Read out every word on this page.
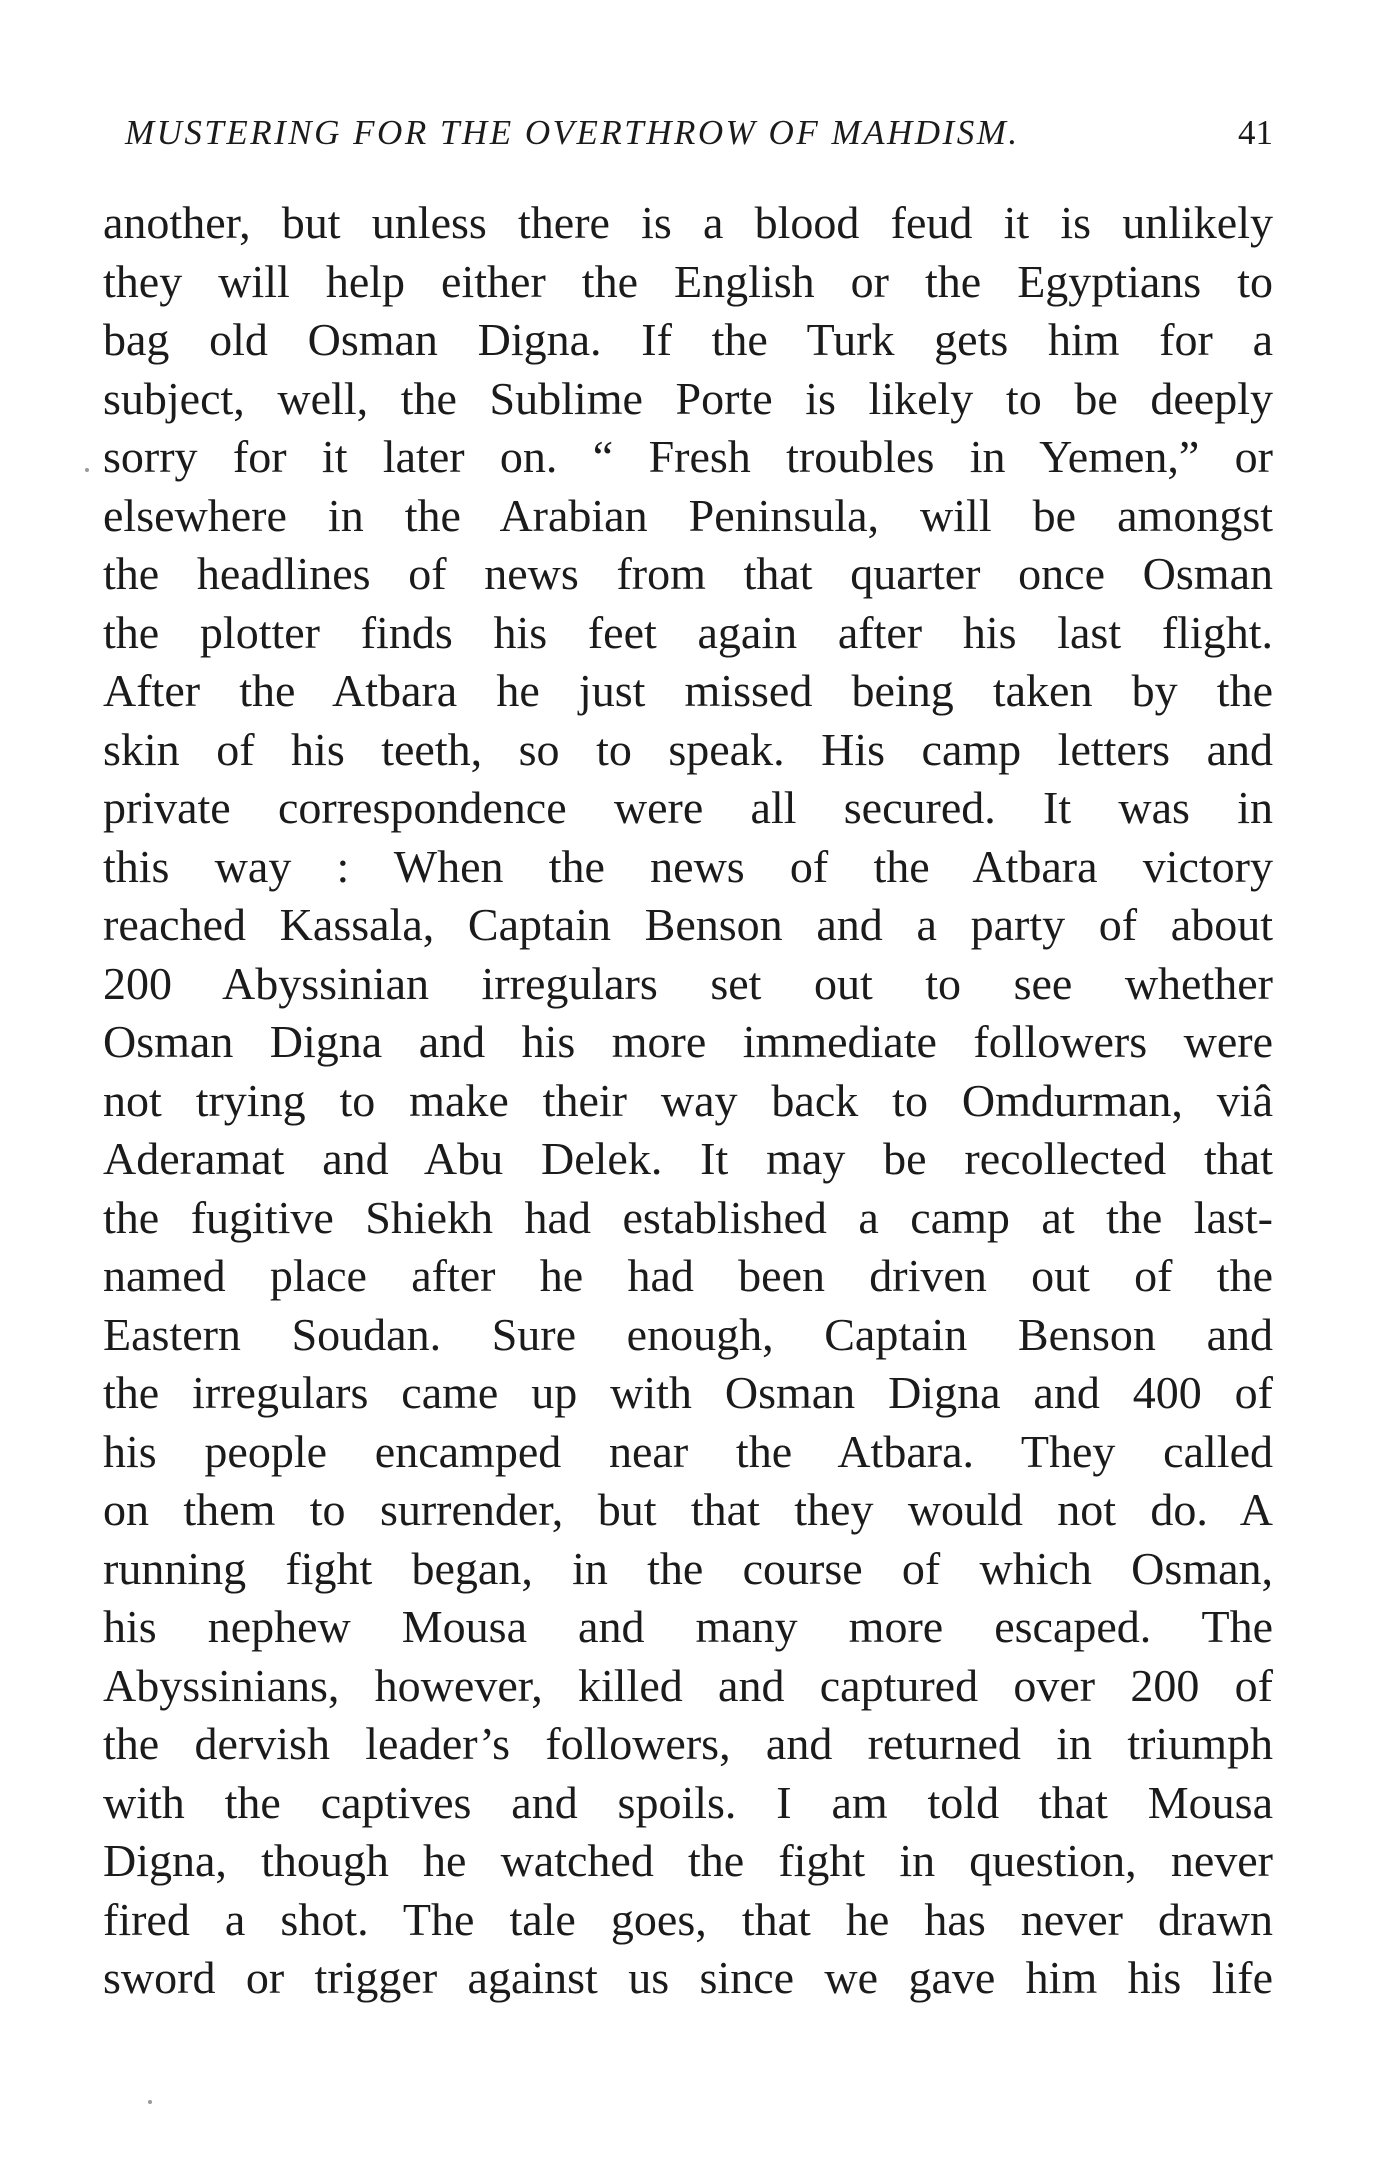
MUSTERING FOR THE OVERTHROW OF MAHDISM.	41
another, but unless there is a blood feud it is unlikely
they will help either the English or the Egyptians to
bag old Osman Digna. If the Turk gets him for a
subject, well, the Sublime Porte is likely to be deeply
sorry for it later on. “ Fresh troubles in Yemen,” or
elsewhere in the Arabian Peninsula, will be amongst
the headlines of news from that quarter once Osman
the plotter finds his feet again after his last flight.
After the Atbara he just missed being taken by the
skin of his teeth, so to speak. His camp letters and
private correspondence were all secured. It was in
this way : When the news of the Atbara victory
reached Kassala, Captain Benson and a party of about
200 Abyssinian irregulars set out to see whether
Osman Digna and his more immediate followers were
not trying to make their way back to Omdurman, viâ
Aderamat and Abu Delek. It may be recollected that
the fugitive Shiekh had established a camp at the last-
named place after he had been driven out of the
Eastern Soudan. Sure enough, Captain Benson and
the irregulars came up with Osman Digna and 400 of
his people encamped near the Atbara. They called
on them to surrender, but that they would not do. A
running fight began, in the course of which Osman,
his nephew Mousa and many more escaped. The
Abyssinians, however, killed and captured over 200 of
the dervish leader’s followers, and returned in triumph
with the captives and spoils. I am told that Mousa
Digna, though he watched the fight in question, never
fired a shot. The tale goes, that he has never drawn
sword or trigger against us since we gave him his life
